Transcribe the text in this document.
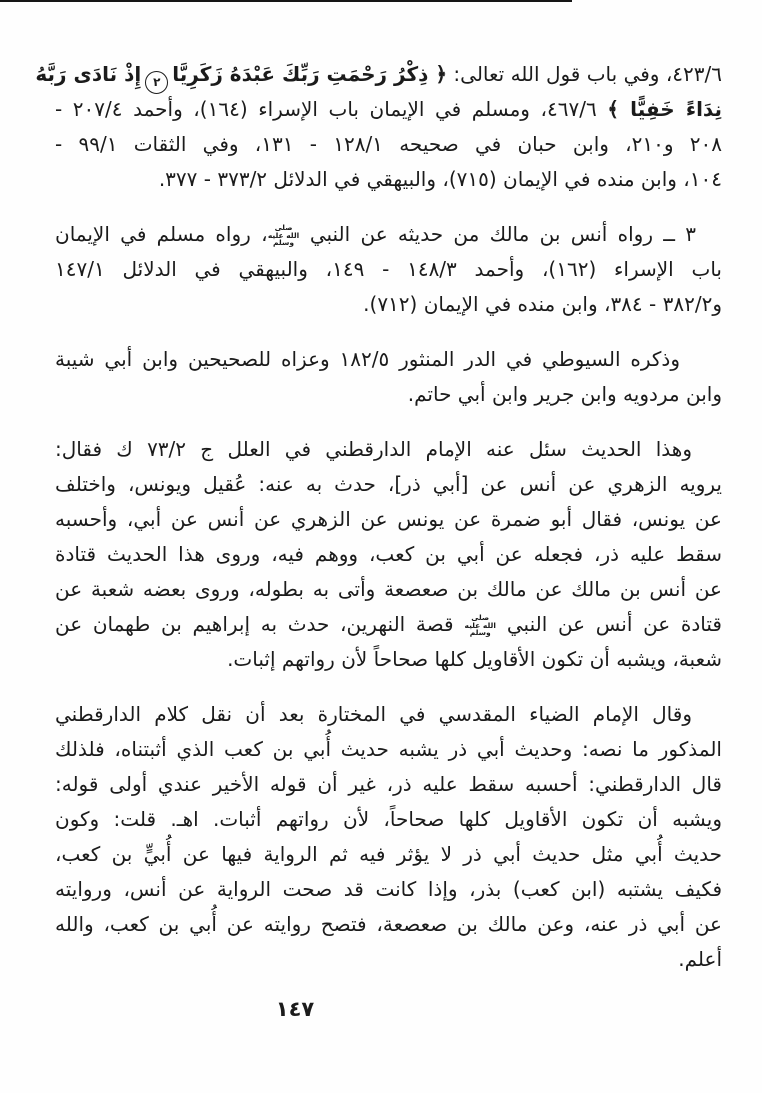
٤٢٣/٦، وفي باب قول الله تعالى: ﴿ ذِكْرُ رَحْمَتِ رَبِّكَ عَبْدَهُ زَكَرِيَّا٢إِذْ نَادَى رَبَّهُ
نِدَاءً خَفِيًّا ﴾ ٤٦٧/٦، ومسلم في الإيمان باب الإسراء (١٦٤)، وأحمد ٢٠٧/٤ -
٢٠٨ و٢١٠، وابن حبان في صحيحه ١٢٨/١ - ١٣١، وفي الثقات ٩٩/١ -
١٠٤، وابن منده في الإيمان (٧١٥)، والبيهقي في الدلائل ٣٧٣/٢ - ٣٧٧.
٣ ــ رواه أنس بن مالك من حديثه عن النبي صلى الله عليه وسلم، رواه مسلم في الإيمان
باب الإسراء (١٦٢)، وأحمد ١٤٨/٣ - ١٤٩، والبيهقي في الدلائل ١٤٧/١
و٣٨٢/٢ - ٣٨٤، وابن منده في الإيمان (٧١٢).
وذكره السيوطي في الدر المنثور ١٨٢/٥ وعزاه للصحيحين وابن أبي شيبة
وابن مردويه وابن جرير وابن أبي حاتم.
وهذا الحديث سئل عنه الإمام الدارقطني في العلل ج ٧٣/٢ ك فقال:
يرويه الزهري عن أنس عن [أبي ذر]، حدث به عنه: عُقيل ويونس، واختلف
عن يونس، فقال أبو ضمرة عن يونس عن الزهري عن أنس عن أبي، وأحسبه
سقط عليه ذر، فجعله عن أبي بن كعب، ووهم فيه، وروى هذا الحديث قتادة
عن أنس بن مالك عن مالك بن صعصعة وأتى به بطوله، وروى بعضه شعبة عن
قتادة عن أنس عن النبي صلى الله عليه وسلم قصة النهرين، حدث به إبراهيم بن طهمان عن
شعبة، ويشبه أن تكون الأقاويل كلها صحاحاً لأن رواتهم إثبات.
وقال الإمام الضياء المقدسي في المختارة بعد أن نقل كلام الدارقطني
المذكور ما نصه: وحديث أبي ذر يشبه حديث أُبي بن كعب الذي أثبتناه، فلذلك
قال الدارقطني: أحسبه سقط عليه ذر، غير أن قوله الأخير عندي أولى قوله:
ويشبه أن تكون الأقاويل كلها صحاحاً، لأن رواتهم أثبات. اهـ. قلت: وكون
حديث أُبي مثل حديث أبي ذر لا يؤثر فيه ثم الرواية فيها عن أُبيٍّ بن كعب،
فكيف يشتبه (ابن كعب) بذر، وإذا كانت قد صحت الرواية عن أنس، وروايته
عن أبي ذر عنه، وعن مالك بن صعصعة، فتصح روايته عن أُبي بن كعب، والله
أعلم.
١٤٧
